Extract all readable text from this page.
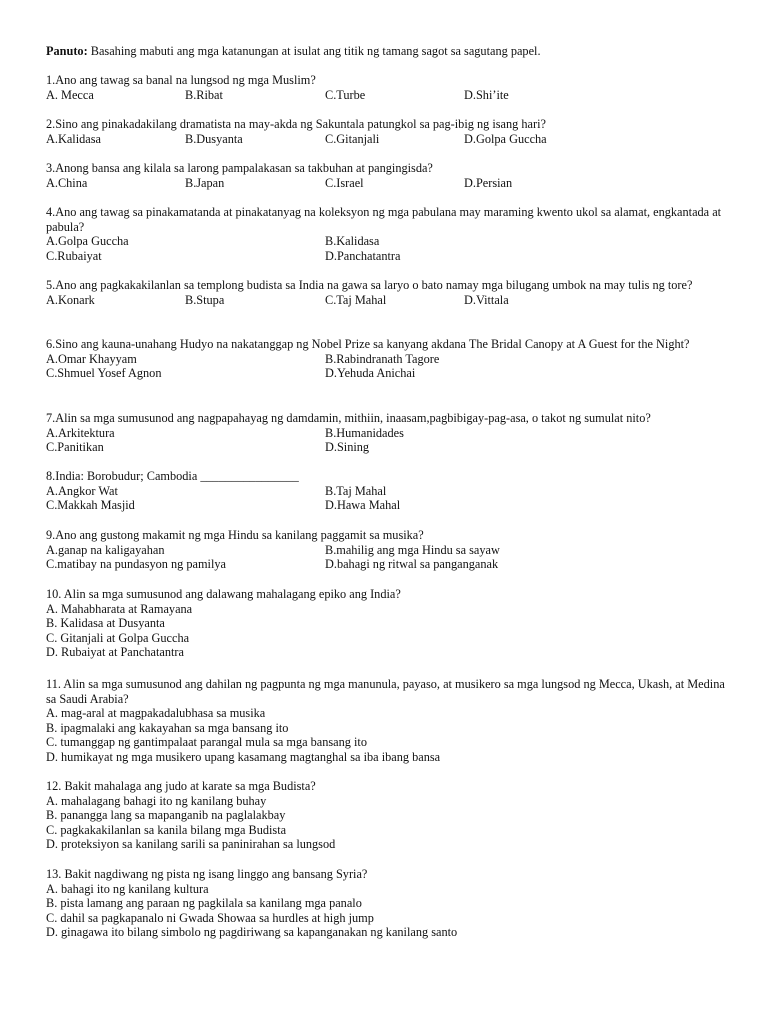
Panuto: Basahing mabuti ang mga katanungan at isulat ang titik ng tamang sagot sa sagutang papel.
1.Ano ang tawag sa banal na lungsod ng mga Muslim?
A. Mecca	B.Ribat	C.Turbe	D.Shi’ite
2.Sino ang pinakadakilang dramatista na may-akda ng Sakuntala patungkol sa pag-ibig ng isang hari?
A.Kalidasa	B.Dusyanta	C.Gitanjali	D.Golpa Guccha
3.Anong bansa ang kilala sa larong pampalakasan sa takbuhan at pangingisda?
A.China	B.Japan	C.Israel	D.Persian
4.Ano ang tawag sa pinakamatanda at pinakatanyag na koleksyon ng mga pabulana may maraming kwento ukol sa alamat, engkantada at pabula?
A.Golpa Guccha	B.Kalidasa
C.Rubaiyat	D.Panchatantra
5.Ano ang pagkakakilanlan sa templong budista sa India na gawa sa laryo o bato namay mga bilugang umbok na may tulis ng tore?
A.Konark	B.Stupa	C.Taj Mahal	D.Vittala
6.Sino ang kauna-unahang Hudyo na nakatanggap ng Nobel Prize sa kanyang akdana The Bridal Canopy at A Guest for the Night?
A.Omar Khayyam	B.Rabindranath Tagore
C.Shmuel Yosef Agnon	D.Yehuda Anichai
7.Alin sa mga sumusunod ang nagpapahayag ng damdamin, mithiin, inaasam,pagbibigay-pag-asa, o takot ng sumulat nito?
A.Arkitektura	B.Humanidades
C.Panitikan	D.Sining
8.India: Borobudur; Cambodia ________________
A.Angkor Wat	B.Taj Mahal
C.Makkah Masjid	D.Hawa Mahal
9.Ano ang gustong makamit ng mga Hindu sa kanilang paggamit sa musika?
A.ganap na kaligayahan	B.mahilig ang mga Hindu sa sayaw
C.matibay na pundasyon ng pamilya	D.bahagi ng ritwal sa panganganak
10. Alin sa mga sumusunod ang dalawang mahalagang epiko ang India?
A. Mahabharata at Ramayana
B. Kalidasa at Dusyanta
C. Gitanjali at Golpa Guccha
D. Rubaiyat at Panchatantra
11. Alin sa mga sumusunod ang dahilan ng pagpunta ng mga manunula, payaso, at musikero sa mga lungsod ng Mecca, Ukash, at Medina sa Saudi Arabia?
A. mag-aral at magpakadalubhasa sa musika
B. ipagmalaki ang kakayahan sa mga bansang ito
C. tumanggap ng gantimpalaat parangal mula sa mga bansang ito
D. humikayat ng mga musikero upang kasamang magtanghal sa iba ibang bansa
12. Bakit mahalaga ang judo at karate sa mga Budista?
A. mahalagang bahagi ito ng kanilang buhay
B. panangga lang sa mapanganib na paglalakbay
C. pagkakakilanlan sa kanila bilang mga Budista
D. proteksiyon sa kanilang sarili sa paninirahan sa lungsod
13. Bakit nagdiwang ng pista ng isang linggo ang bansang Syria?
A. bahagi ito ng kanilang kultura
B. pista lamang ang paraan ng pagkilala sa kanilang mga panalo
C. dahil sa pagkapanalo ni Gwada Showaa sa hurdles at high jump
D. ginagawa ito bilang simbolo ng pagdiriwang sa kapanganakan ng kanilang santo
